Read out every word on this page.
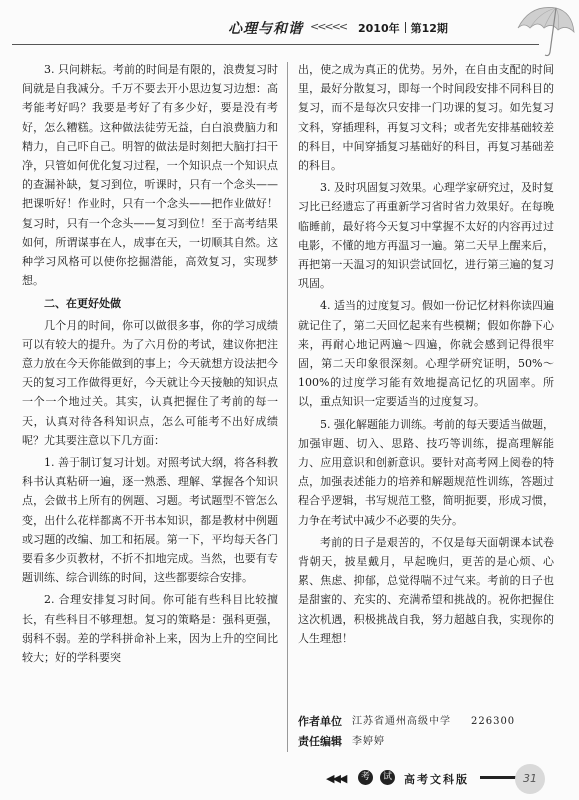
心理与和谐 <<<<< 2010年 第12期

3. 只问耕耘。考前的时间是有限的，浪费复习时间就是自我减分。千万不要去开小思边复习边想：高考能考好吗？我要是考好了有多少好，要是没有考好，怎么糟糕。这种做法徒劳无益，白白浪费脑力和精力，自己吓自己。明智的做法是时刻把大脑打扫干净，只管如何优化复习过程，一个知识点一个知识点的查漏补缺，复习到位，听课时，只有一个念头——把课听好！作业时，只有一个念头——把作业做好！复习时，只有一个念头——复习到位！至于高考结果如何，所谓谋事在人，成事在天，一切顺其自然。这种学习风格可以使你挖掘潜能，高效复习，实现梦想。

二、在更好处做

几个月的时间，你可以做很多事，你的学习成绩可以有较大的提升。为了六月份的考试，建议你把注意力放在今天你能做到的事上；今天就想方设法把今天的复习工作做得更好，今天就让今天接触的知识点一个一个地过关。其实，认真把握住了考前的每一天，认真对待各科知识点，怎么可能考不出好成绩呢？尤其要注意以下几方面：

1. 善于制订复习计划。对照考试大纲，将各科教科书认真粘研一遍，逐一熟悉、理解、掌握各个知识点，会做书上所有的例题、习题。考试题型不管怎么变，出什么花样都离不开书本知识，都是教材中例题或习题的改编、加工和拓展。第一下，平均每天各门要看多少页教材，不折不扣地完成。当然，也要有专题训练、综合训练的时间，这些都要综合安排。

2. 合理安排复习时间。你可能有些科目比较擅长，有些科目不够理想。复习的策略是：强科更强，弱科不弱。差的学科拼命补上来，因为上升的空间比较大；好的学科要突

出，使之成为真正的优势。另外，在自由支配的时间里，最好分散复习，即每一个时间段安排不同科目的复习，而不是每次只安排一门功课的复习。如先复习文科，穿插理科，再复习文科；或者先安排基础较差的科目，中间穿插复习基础好的科目，再复习基础差的科目。

3. 及时巩固复习效果。心理学家研究过，及时复习比已经遗忘了再重新学习省时省力效果好。在每晚临睡前，最好将今天复习中掌握不太好的内容再过过电影，不懂的地方再温习一遍。第二天早上醒来后，再把第一天温习的知识尝试回忆，进行第三遍的复习巩固。

4. 适当的过度复习。假如一份记忆材料你读四遍就记住了，第二天回忆起来有些模糊；假如你静下心来，再耐心地记两遍～四遍，你就会感到记得很牢固，第二天印象很深刻。心理学研究证明，50%～100%的过度学习能有效地提高记忆的巩固率。所以，重点知识一定要适当的过度复习。

5. 强化解题能力训练。考前的每天要适当做题，加强审题、切入、思路、技巧等训练，提高理解能力、应用意识和创新意识。要针对高考网上阅卷的特点，加强表述能力的培养和解题规范性训练，答题过程合乎逻辑，书写规范工整，简明扼要，形成习惯，力争在考试中减少不必要的失分。

考前的日子是艰苦的，不仅是每天面朝课本试卷背朝天，披星戴月，早起晚归，更苦的是心烦、心累、焦虑、抑郁，总觉得喘不过气来。考前的日子也是甜蜜的、充实的、充满希望和挑战的。祝你把握住这次机遇，积极挑战自我，努力超越自我，实现你的人生理想！

作者单位 江苏省通州高级中学 226300
责任编辑 李婷婷
◀◀◀	考	试 高考文科版	31
